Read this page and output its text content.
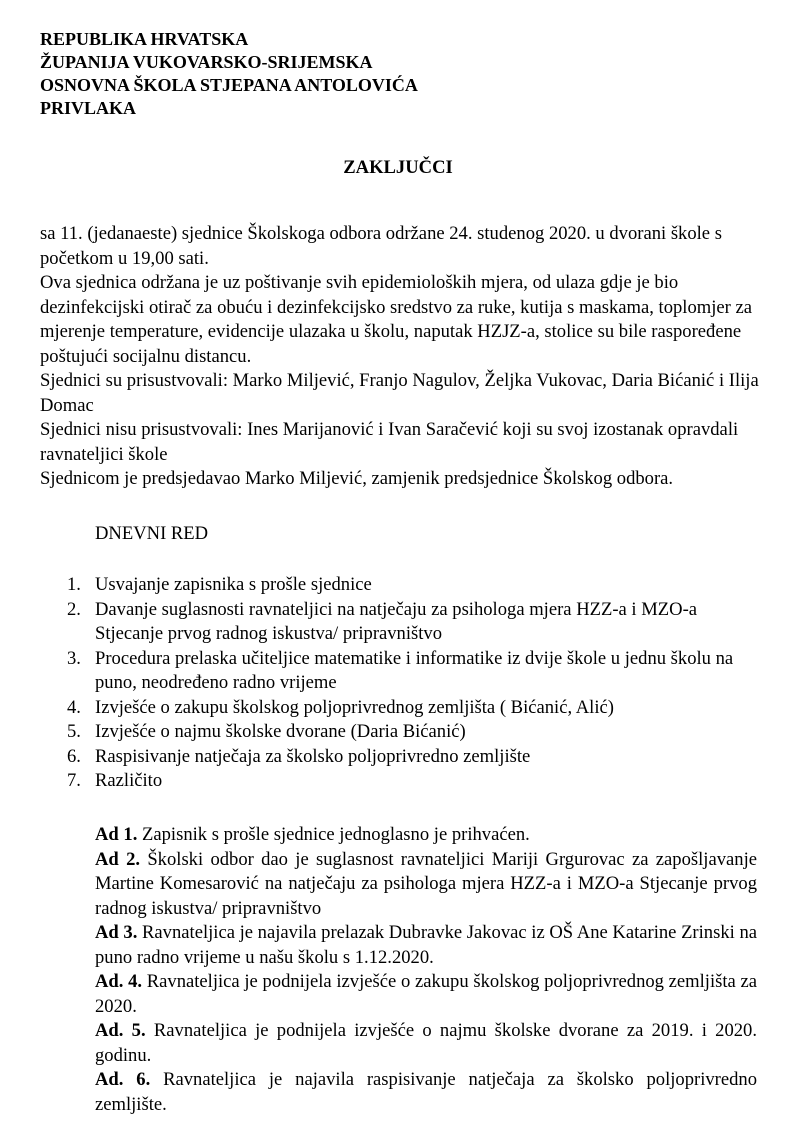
REPUBLIKA HRVATSKA
ŽUPANIJA VUKOVARSKO-SRIJEMSKA
OSNOVNA ŠKOLA STJEPANA ANTOLOVIĆA
PRIVLAKA
ZAKLJUČCI

sa 11. (jedanaeste) sjednice Školskoga odbora održane 24. studenog 2020. u dvorani škole s početkom u 19,00 sati.

Ova sjednica održana je uz poštivanje svih epidemioloških mjera, od ulaza gdje je bio dezinfekcijski otirač za obuću i dezinfekcijsko sredstvo za ruke, kutija s maskama, toplomjer za mjerenje temperature, evidencije ulazaka u školu, naputak HZJZ-a, stolice su bile raspoređene poštujući socijalnu distancu.

Sjednici su prisustvovali: Marko Miljević, Franjo Nagulov, Željka Vukovac, Daria Bićanić i Ilija Domac

Sjednici nisu prisustvovali: Ines Marijanović i Ivan Saračević koji su svoj izostanak opravdali ravnateljici škole

Sjednicom je predsjedavao Marko Miljević, zamjenik predsjednice Školskog odbora.

DNEVNI RED
1. Usvajanje zapisnika s prošle sjednice
2. Davanje suglasnosti ravnateljici na natječaju za psihologa mjera HZZ-a i MZO-a Stjecanje prvog radnog iskustva/ pripravništvo
3. Procedura prelaska učiteljice matematike i informatike iz dvije škole u jednu školu na puno, neodređeno radno vrijeme
4. Izvješće o zakupu školskog poljoprivrednog zemljišta ( Bićanić, Alić)
5. Izvješće o najmu školske dvorane (Daria Bićanić)
6. Raspisivanje natječaja za školsko poljoprivredno zemljište
7. Različito

Ad 1. Zapisnik s prošle sjednice jednoglasno je prihvaćen.

Ad 2. Školski odbor dao je suglasnost ravnateljici Mariji Grgurovac za zapošljavanje Martine Komesarović na natječaju za psihologa mjera HZZ-a i MZO-a Stjecanje prvog radnog iskustva/ pripravništvo

Ad 3. Ravnateljica je najavila prelazak Dubravke Jakovac iz OŠ Ane Katarine Zrinski na puno radno vrijeme u našu školu s 1.12.2020.

Ad. 4. Ravnateljica je podnijela izvješće o zakupu školskog poljoprivrednog zemljišta za 2020.

Ad. 5. Ravnateljica je podnijela izvješće o najmu školske dvorane za 2019. i 2020. godinu.

Ad. 6. Ravnateljica je najavila raspisivanje natječaja za školsko poljoprivredno zemljište.
